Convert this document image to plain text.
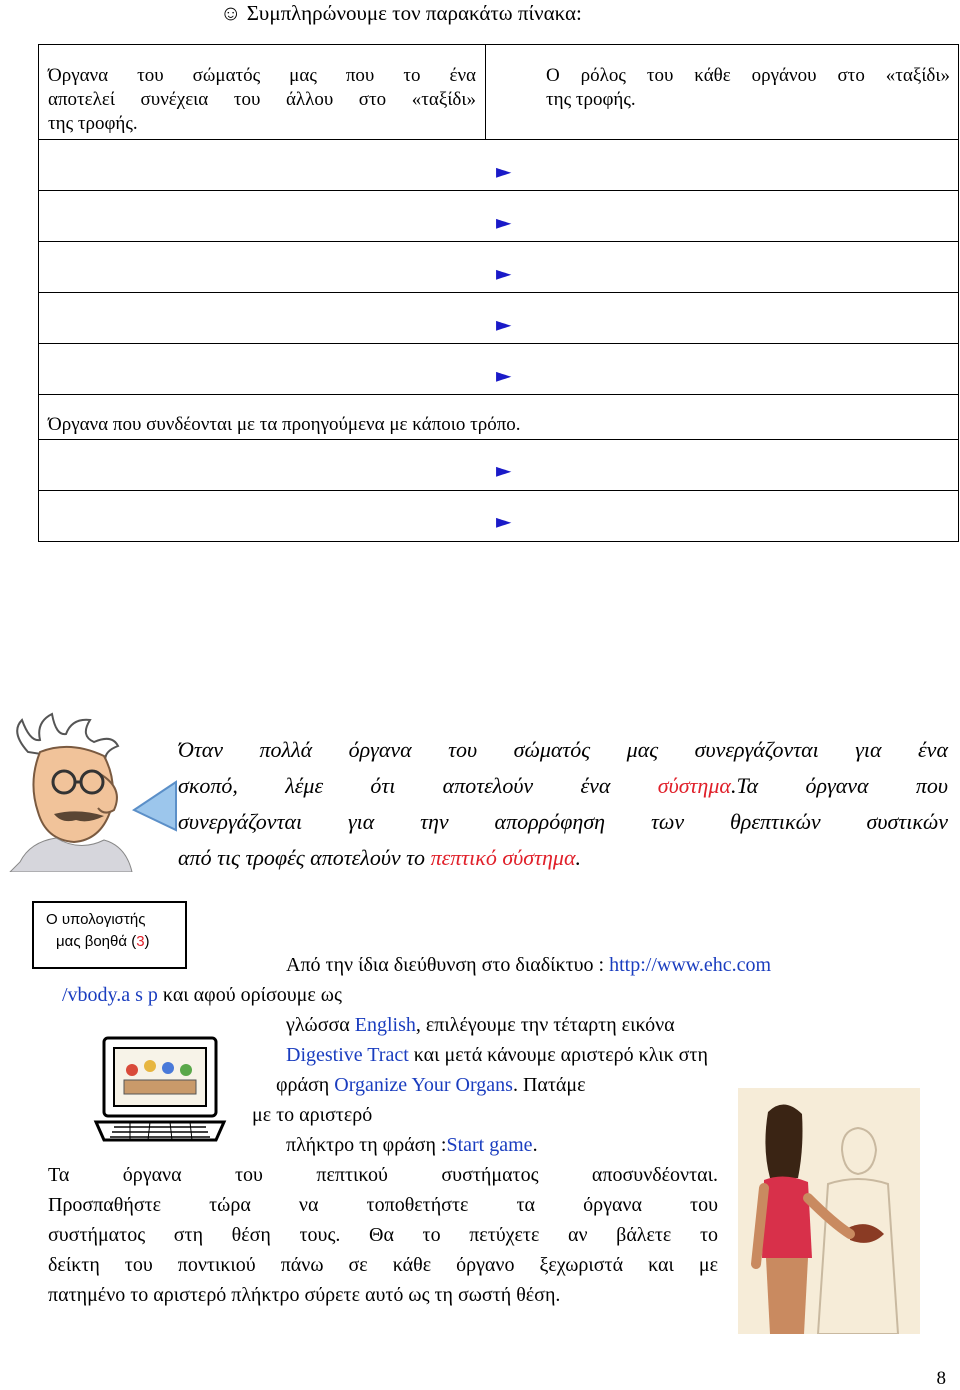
☺ Συμπληρώνουμε τον παρακάτω πίνακα:
Όργανα του σώματός μας που το ένα
αποτελεί συνέχεια του άλλου στο «ταξίδι»
της τροφής.
Ο ρόλος του κάθε οργάνου στο «ταξίδι»
της τροφής.
Όργανα που συνδέονται με τα προηγούμενα με κάποιο τρόπο.
►
►
►
►
►
►
►
Όταν πολλά όργανα του σώματός μας συνεργάζονται για ένα
σκοπό, λέμε ότι αποτελούν ένα σύστημα.Τα όργανα που
συνεργάζονται για την απορρόφηση των θρεπτικών συστικών
από τις τροφές αποτελούν το πεπτικό σύστημα.
Ο υπολογιστής
μας βοηθά (3)
Από την ίδια διεύθυνση στο διαδίκτυο : http://www.ehc.com
/vbody.a s p και αφού ορίσουμε ως
γλώσσα English, επιλέγουμε την τέταρτη εικόνα
Digestive Tract και μετά κάνουμε αριστερό κλικ στη
φράση Organize Your Organs. Πατάμε
με το αριστερό
πλήκτρο τη φράση :Start game.
Τα όργανα του πεπτικού συστήματος αποσυνδέονται.
Προσπαθήστε τώρα να τοποθετήστε τα όργανα του
συστήματος στη θέση τους. Θα το πετύχετε αν βάλετε το
δείκτη του ποντικιού πάνω σε κάθε όργανο ξεχωριστά και με
πατημένο το αριστερό πλήκτρο σύρετε αυτό ως τη σωστή θέση.
8
